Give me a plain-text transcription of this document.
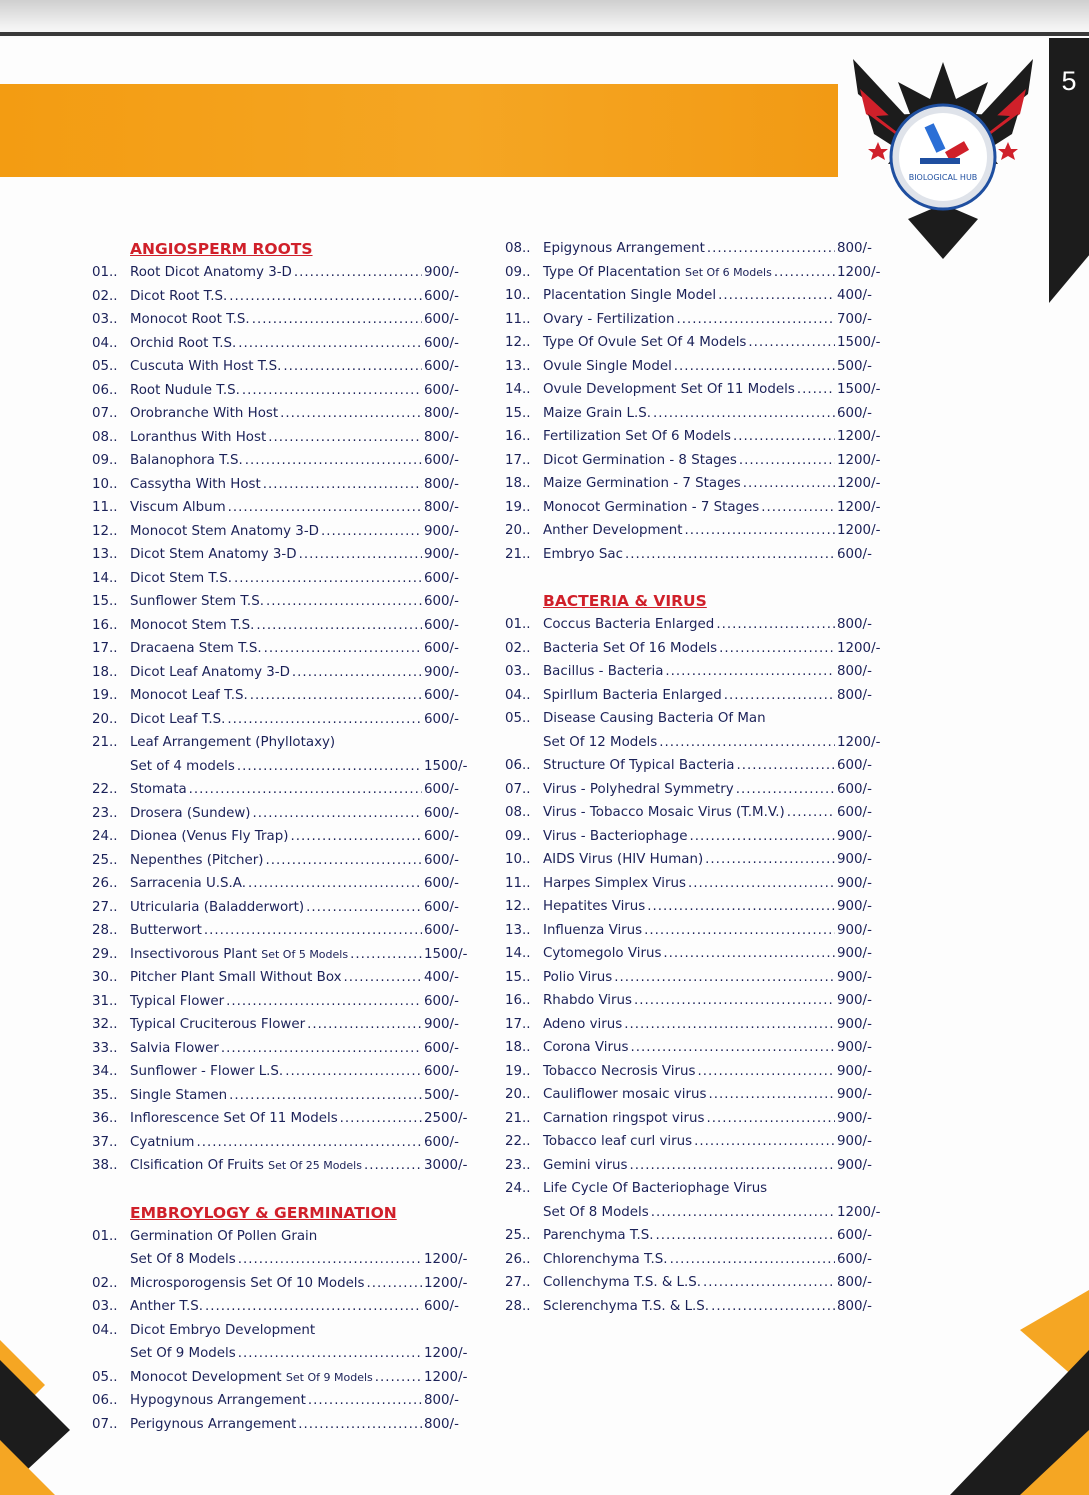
5
BIOLOGICAL HUB
ANGIOSPERM ROOTS
01.. Root Dicot Anatomy 3-D .....	900/-
02.. Dicot Root T.S. .....	600/-
03.. Monocot Root T.S. .....	600/-
04.. Orchid Root T.S. .....	600/-
05.. Cuscuta With Host T.S. .....	600/-
06.. Root Nudule T.S. .....	600/-
07.. Orobranche With Host .....	800/-
08.. Loranthus With Host .....	800/-
09.. Balanophora T.S. .....	600/-
10.. Cassytha With Host .....	800/-
11.. Viscum Album .....	800/-
12.. Monocot Stem Anatomy 3-D .....	900/-
13.. Dicot Stem Anatomy 3-D .....	900/-
14.. Dicot Stem T.S. .....	600/-
15.. Sunflower Stem T.S. .....	600/-
16.. Monocot Stem T.S. .....	600/-
17.. Dracaena Stem T.S. .....	600/-
18.. Dicot Leaf Anatomy 3-D .....	900/-
19.. Monocot Leaf T.S. .....	600/-
20.. Dicot Leaf T.S. .....	600/-
21.. Leaf Arrangement (Phyllotaxy)
Set of 4 models .....	1500/-
22.. Stomata .....	600/-
23.. Drosera (Sundew) .....	600/-
24.. Dionea (Venus Fly Trap) .....	600/-
25.. Nepenthes (Pitcher) .....	600/-
26.. Sarracenia U.S.A. .....	600/-
27.. Utricularia (Baladderwort) .....	600/-
28.. Butterwort .....	600/-
29.. Insectivorous Plant Set Of 5 Models .....	1500/-
30.. Pitcher Plant Small Without Box .....	400/-
31.. Typical Flower .....	600/-
32.. Typical Cruciterous Flower .....	900/-
33.. Salvia Flower .....	600/-
34.. Sunflower - Flower L.S. .....	600/-
35.. Single Stamen .....	500/-
36.. Inflorescence Set Of 11 Models .....	2500/-
37.. Cyatnium .....	600/-
38.. Clsification Of Fruits Set Of 25 Models .....	3000/-
EMBROYLOGY & GERMINATION
01.. Germination Of Pollen Grain
Set Of 8 Models .....	1200/-
02.. Microsporogensis Set Of 10 Models .....	1200/-
03.. Anther T.S. .....	600/-
04.. Dicot Embryo Development
Set Of 9 Models .....	1200/-
05.. Monocot Development Set Of 9 Models .....	1200/-
06.. Hypogynous Arrangement .....	800/-
07.. Perigynous Arrangement .....	800/-
08.. Epigynous Arrangement .....	800/-
09.. Type Of Placentation Set Of 6 Models .....	1200/-
10.. Placentation Single Model .....	400/-
11.. Ovary - Fertilization .....	700/-
12.. Type Of Ovule Set Of 4 Models .....	1500/-
13.. Ovule Single Model .....	500/-
14.. Ovule Development Set Of 11 Models .....	1500/-
15.. Maize Grain L.S. .....	600/-
16.. Fertilization Set Of 6 Models .....	1200/-
17.. Dicot Germination - 8 Stages .....	1200/-
18.. Maize Germination - 7 Stages .....	1200/-
19.. Monocot Germination - 7 Stages .....	1200/-
20.. Anther Development .....	1200/-
21.. Embryo Sac .....	600/-
BACTERIA & VIRUS
01.. Coccus Bacteria Enlarged .....	800/-
02.. Bacteria Set Of 16 Models .....	1200/-
03.. Bacillus - Bacteria .....	800/-
04.. Spirllum Bacteria Enlarged .....	800/-
05.. Disease Causing Bacteria Of Man
Set Of 12 Models .....	1200/-
06.. Structure Of Typical Bacteria .....	600/-
07.. Virus - Polyhedral Symmetry .....	600/-
08.. Virus - Tobacco Mosaic Virus (T.M.V.) .....	600/-
09.. Virus - Bacteriophage .....	900/-
10.. AIDS Virus (HIV Human) .....	900/-
11.. Harpes Simplex Virus .....	900/-
12.. Hepatites Virus .....	900/-
13.. Influenza Virus .....	900/-
14.. Cytomegolo Virus .....	900/-
15.. Polio Virus .....	900/-
16.. Rhabdo Virus .....	900/-
17.. Adeno virus .....	900/-
18.. Corona Virus .....	900/-
19.. Tobacco Necrosis Virus .....	900/-
20.. Cauliflower mosaic virus .....	900/-
21.. Carnation ringspot virus .....	900/-
22.. Tobacco leaf curl virus .....	900/-
23.. Gemini virus .....	900/-
24.. Life Cycle Of Bacteriophage Virus
Set Of 8 Models .....	1200/-
25.. Parenchyma T.S. .....	600/-
26.. Chlorenchyma T.S. .....	600/-
27.. Collenchyma T.S. & L.S. .....	800/-
28.. Sclerenchyma T.S. & L.S. .....	800/-
